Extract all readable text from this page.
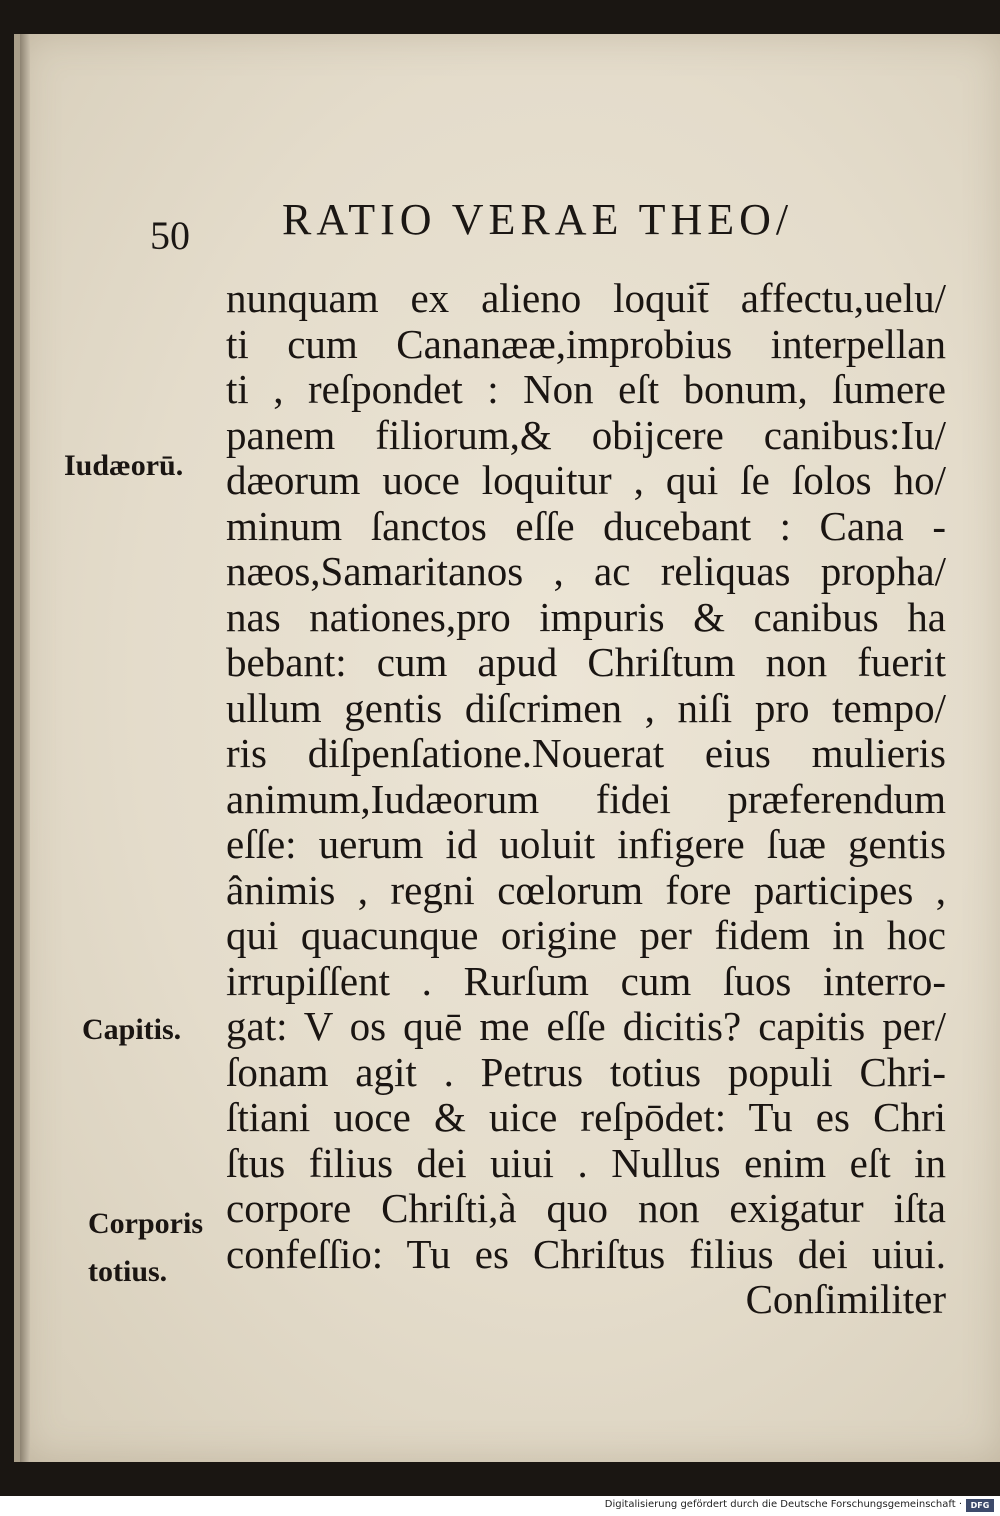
50 RATIO VERAE THEO/
nunquam ex alieno loquit̄ affectu,uelu/
ti cum Cananææ,improbius interpellan
ti , reſpondet : Non eſt bonum, ſumere
panem filiorum,& obijcere canibus:Iu/
dæorum uoce loquitur , qui ſe ſolos ho/
minum ſanctos eſſe ducebant : Cana -
næos,Samaritanos , ac reliquas propha/
nas nationes,pro impuris & canibus ha
bebant: cum apud Chriſtum non fuerit
ullum gentis diſcrimen , niſi pro tempo/
ris diſpenſatione.Nouerat eius mulieris
animum,Iudæorum fidei præferendum
eſſe: uerum id uoluit infigere ſuæ gentis
ânimis , regni cœlorum fore participes ,
qui quacunque origine per fidem in hoc
irrupiſſent . Rurſum cum ſuos interro-
gat: V os quē me eſſe dicitis? capitis per/
ſonam agit . Petrus totius populi Chri-
ſtiani uoce & uice reſpōdet: Tu es Chri
ſtus filius dei uiui . Nullus enim eſt in
corpore Chriſti,à quo non exigatur iſta
confeſſio: Tu es Chriſtus filius dei uiui.
Conſimiliter
Iudæorū.
Capitis.
Corporis
totius.
Digitalisierung gefördert durch die Deutsche Forschungsgemeinschaft ·	DFG
